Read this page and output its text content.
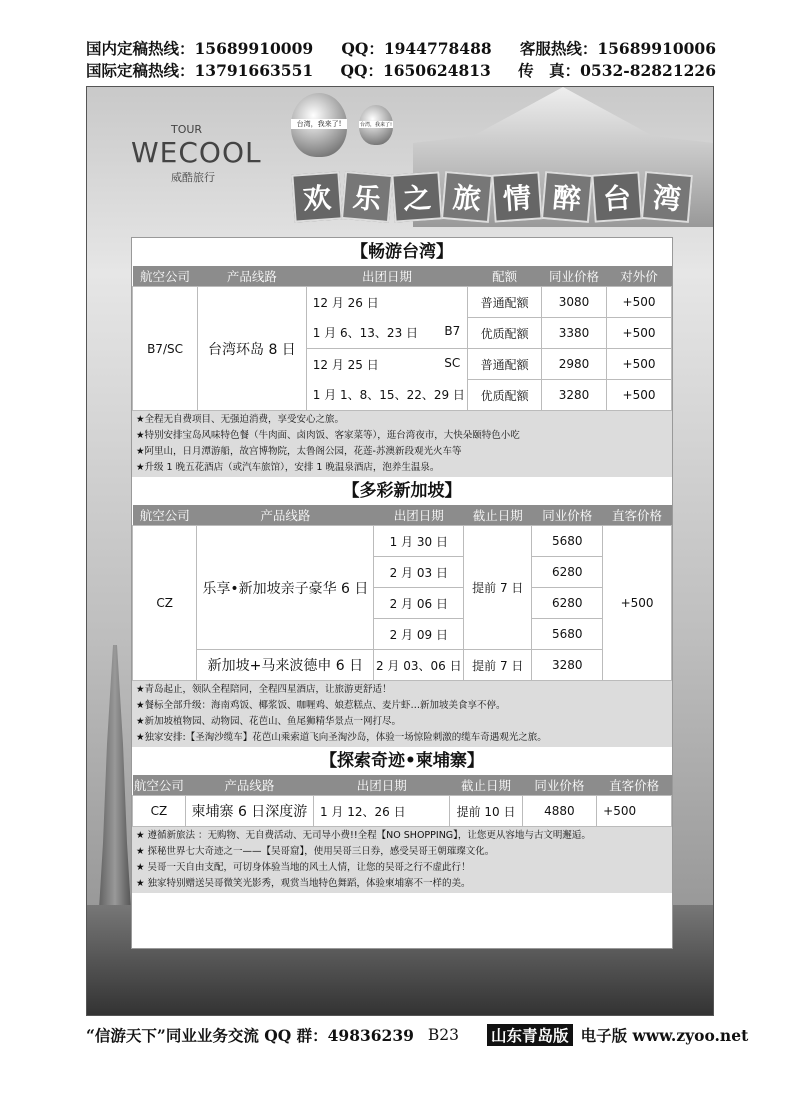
国内定稿热线：15689910009 QQ：1944778488 客服热线：15689910006
国际定稿热线：13791663551 QQ：1650624813 传　真：0532-82821226
台湾，我来了!	台湾，我来了!
TOUR
WECOOL
威酷旅行
欢 乐 之 旅 情 醉 台 湾
【畅游台湾】
航空公司	产品线路	出团日期	配额	同业价格	对外价
B7/SC	台湾环岛 8 日	12 月 26 日	普通配额	3080	+500
		1 月 6、13、23 日 B7	优质配额	3380	+500
		12 月 25 日 SC	普通配额	2980	+500
		1 月 1、8、15、22、29 日	优质配额	3280	+500
★全程无自费项目、无强迫消费，享受安心之旅。
★特别安排宝岛风味特色餐（牛肉面、卤肉饭、客家菜等），逛台湾夜市，大快朵颐特色小吃
★阿里山，日月潭游船，故宫博物院，太鲁阁公园，花莲-苏澳新段观光火车等
★升级 1 晚五花酒店（或汽车旅馆），安排 1 晚温泉酒店，泡养生温泉。
【多彩新加坡】
航空公司	产品线路	出团日期	截止日期	同业价格	直客价格
CZ	乐享•新加坡亲子豪华 6 日	1 月 30 日	提前 7 日	5680	+500
		2 月 03 日		6280	
		2 月 06 日		6280	
		2 月 09 日		5680	
	新加坡+马来波德申 6 日	2 月 03、06 日	提前 7 日	3280	
★青岛起止，领队全程陪同，全程四星酒店，让旅游更舒适！
★餐标全部升级：海南鸡饭、椰浆饭、咖喱鸡、娘惹糕点、麦片虾…新加坡美食享不停。
★新加坡植物园、动物园、花芭山、鱼尾狮精华景点一网打尽。
★独家安排:【圣淘沙缆车】花芭山乘索道飞向圣淘沙岛，体验一场惊险刺激的缆车奇遇观光之旅。
【探索奇迹•柬埔寨】
航空公司	产品线路	出团日期	截止日期	同业价格	直客价格
CZ	柬埔寨 6 日深度游	1 月 12、26 日	提前 10 日	4880	+500
★ 遵循新旅法 ：无购物、无自费活动、无司导小费!!全程【NO SHOPPING】，让您更从容地与古文明邂逅。
★ 探秘世界七大奇迹之一——【吴哥窟】，使用吴哥三日券，感受吴哥王朝璀璨文化。
★ 吴哥一天自由支配，可切身体验当地的风土人情，让您的吴哥之行不虚此行！
★ 独家特别赠送吴哥微笑光影秀，观赏当地特色舞蹈，体验柬埔寨不一样的美。
“信游天下”同业业务交流 QQ 群：49836239 B23 山东青岛版 电子版 www.zyoo.net
